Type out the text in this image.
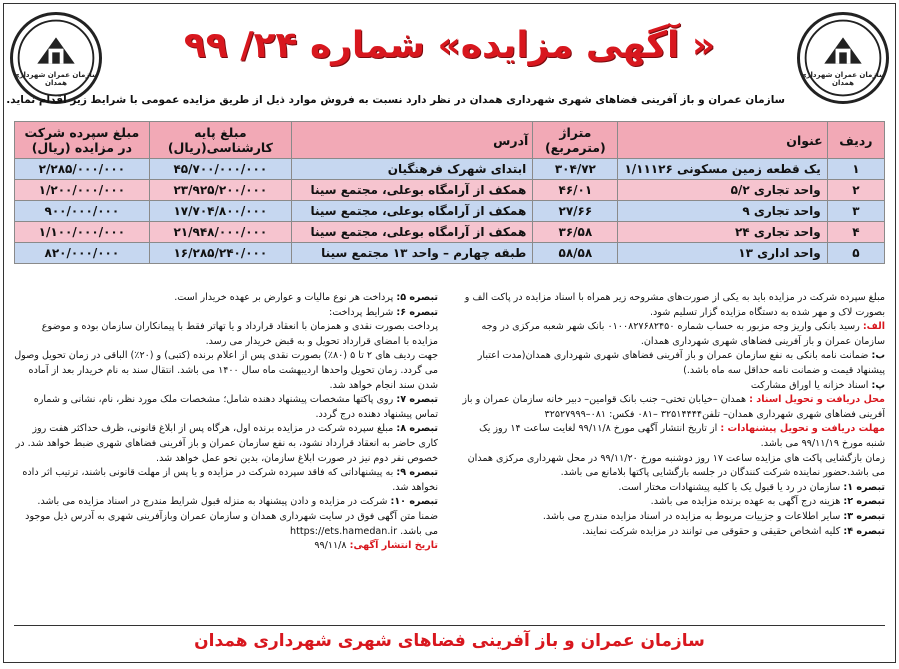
سازمان عمران شهرداری همدان
سازمان عمران شهرداری همدان
« آگهی مزایده» شماره ۲۴/ ۹۹
سازمان عمران و باز آفرینی فضاهای شهری شهرداری همدان در نظر دارد نسبت به فروش موارد ذیل از طریق مزایده عمومی با شرایط زیر اقدام نماید.
ردیف	عنوان	متراژ (مترمربع)	آدرس	مبلغ پایه کارشناسی(ریال)	مبلغ سپرده شرکت در مزایده (ریال)
۱	یک قطعه زمین مسکونی ۱/۱۱۱۲۶	۳۰۴/۷۲	ابتدای شهرک فرهنگیان	۴۵/۷۰۰/۰۰۰/۰۰۰	۲/۲۸۵/۰۰۰/۰۰۰
۲	واحد تجاری ۵/۲	۴۶/۰۱	همکف از آرامگاه بوعلی، مجتمع سینا	۲۳/۹۲۵/۲۰۰/۰۰۰	۱/۲۰۰/۰۰۰/۰۰۰
۳	واحد تجاری ۹	۲۷/۶۶	همکف از آرامگاه بوعلی، مجتمع سینا	۱۷/۷۰۴/۸۰۰/۰۰۰	۹۰۰/۰۰۰/۰۰۰
۴	واحد تجاری ۲۴	۳۶/۵۸	همکف از آرامگاه بوعلی، مجتمع سینا	۲۱/۹۴۸/۰۰۰/۰۰۰	۱/۱۰۰/۰۰۰/۰۰۰
۵	واحد اداری ۱۳	۵۸/۵۸	طبقه چهارم – واحد ۱۳ مجتمع سینا	۱۶/۲۸۵/۲۴۰/۰۰۰	۸۲۰/۰۰۰/۰۰۰

مبلغ سپرده شرکت در مزایده باید به یکی از صورت‌های مشروحه زیر همراه با اسناد مزایده در پاکت الف و بصورت لاک و مهر شده به دستگاه مزایده گزار تسلیم شود.

الف: رسید بانکی واریز وجه مزبور به حساب شماره ۰۱۰۰۸۲۷۶۸۲۴۵۰ بانک شهر شعبه مرکزی در وجه سازمان عمران و باز آفرینی فضاهای شهری شهرداری همدان.

ب: ضمانت نامه بانکی به نفع سازمان عمران و باز آفرینی فضاهای شهری شهرداری همدان(مدت اعتبار پیشنهاد قیمت و ضمانت نامه حداقل سه ماه باشد.)

پ: اسناد خزانه یا اوراق مشارکت

محل دریافت و تحویل اسناد : همدان –خیابان تختی– جنب بانک قوامین– دبیر خانه سازمان عمران و باز آفرینی فضاهای شهری شهرداری همدان– تلفن۳۲۵۱۴۴۴۴ –۰۸۱ فکس: ۰۸۱–۳۲۵۲۷۹۹۹

مهلت دریافت و تحویل پیشنهادات : از تاریخ انتشار آگهی مورخ ۹۹/۱۱/۸ لغایت ساعت ۱۴ روز یک شنبه مورخ ۹۹/۱۱/۱۹ می باشد.

زمان بازگشایی پاکت های مزایده ساعت ۱۷ روز دوشنبه مورخ ۹۹/۱۱/۲۰ در محل شهرداری مرکزی همدان می باشد.حضور نماینده شرکت کنندگان در جلسه بازگشایی پاکتها بلامانع می باشد.

تبصره ۱: سازمان در رد یا قبول یک یا کلیه پیشنهادات مختار است.

تبصره ۲: هزینه درج آگهی به عهده برنده مزایده می باشد.

تبصره ۳: سایر اطلاعات و جزییات مربوط به مزایده در اسناد مزایده مندرج می باشد.

تبصره ۴: کلیه اشخاص حقیقی و حقوقی می توانند در مزایده شرکت نمایند.

تبصره ۵: پرداخت هر نوع مالیات و عوارض بر عهده خریدار است.

تبصره ۶: شرایط پرداخت:

پرداخت بصورت نقدی و همزمان با انعقاد قرارداد و یا تهاتر فقط با پیمانکاران سازمان بوده و موضوع مزایده با امضای قرارداد تحویل و به قبض خریدار می رسد.

جهت ردیف های ۲ تا ۵ (۸۰٪) بصورت نقدی پس از اعلام برنده (کتبی) و (۲۰٪) الباقی در زمان تحویل وصول می گردد. زمان تحویل واحدها اردیبهشت ماه سال ۱۴۰۰ می باشد. انتقال سند به نام خریدار بعد از آماده شدن سند انجام خواهد شد.

تبصره ۷: روی پاکتها مشخصات پیشنهاد دهنده شامل؛ مشخصات ملک مورد نظر، نام، نشانی و شماره تماس پیشنهاد دهنده درج گردد.

تبصره ۸: مبلغ سپرده شرکت در مزایده برنده اول، هرگاه پس از ابلاغ قانونی، ظرف حداکثر هفت روز کاری حاضر به انعقاد قرارداد نشود، به نفع سازمان عمران و باز آفرینی فضاهای شهری ضبط خواهد شد. در خصوص نفر دوم نیز در صورت ابلاغ سازمان، بدین نحو عمل خواهد شد.

تبصره ۹: به پیشنهاداتی که فاقد سپرده شرکت در مزایده و یا پس از مهلت قانونی باشند، ترتیب اثر داده نخواهد شد.

تبصره ۱۰: شرکت در مزایده و دادن پیشنهاد به منزله قبول شرایط مندرج در اسناد مزایده می باشد.

ضمنا متن آگهی فوق در سایت شهرداری همدان و سازمان عمران وبازآفرینی شهری به آدرس ذیل موجود می باشد. https://ets.hamedan.ir

تاریخ انتشار آگهی: ۹۹/۱۱/۸

سازمان عمران و باز آفرینی فضاهای شهری شهرداری همدان
